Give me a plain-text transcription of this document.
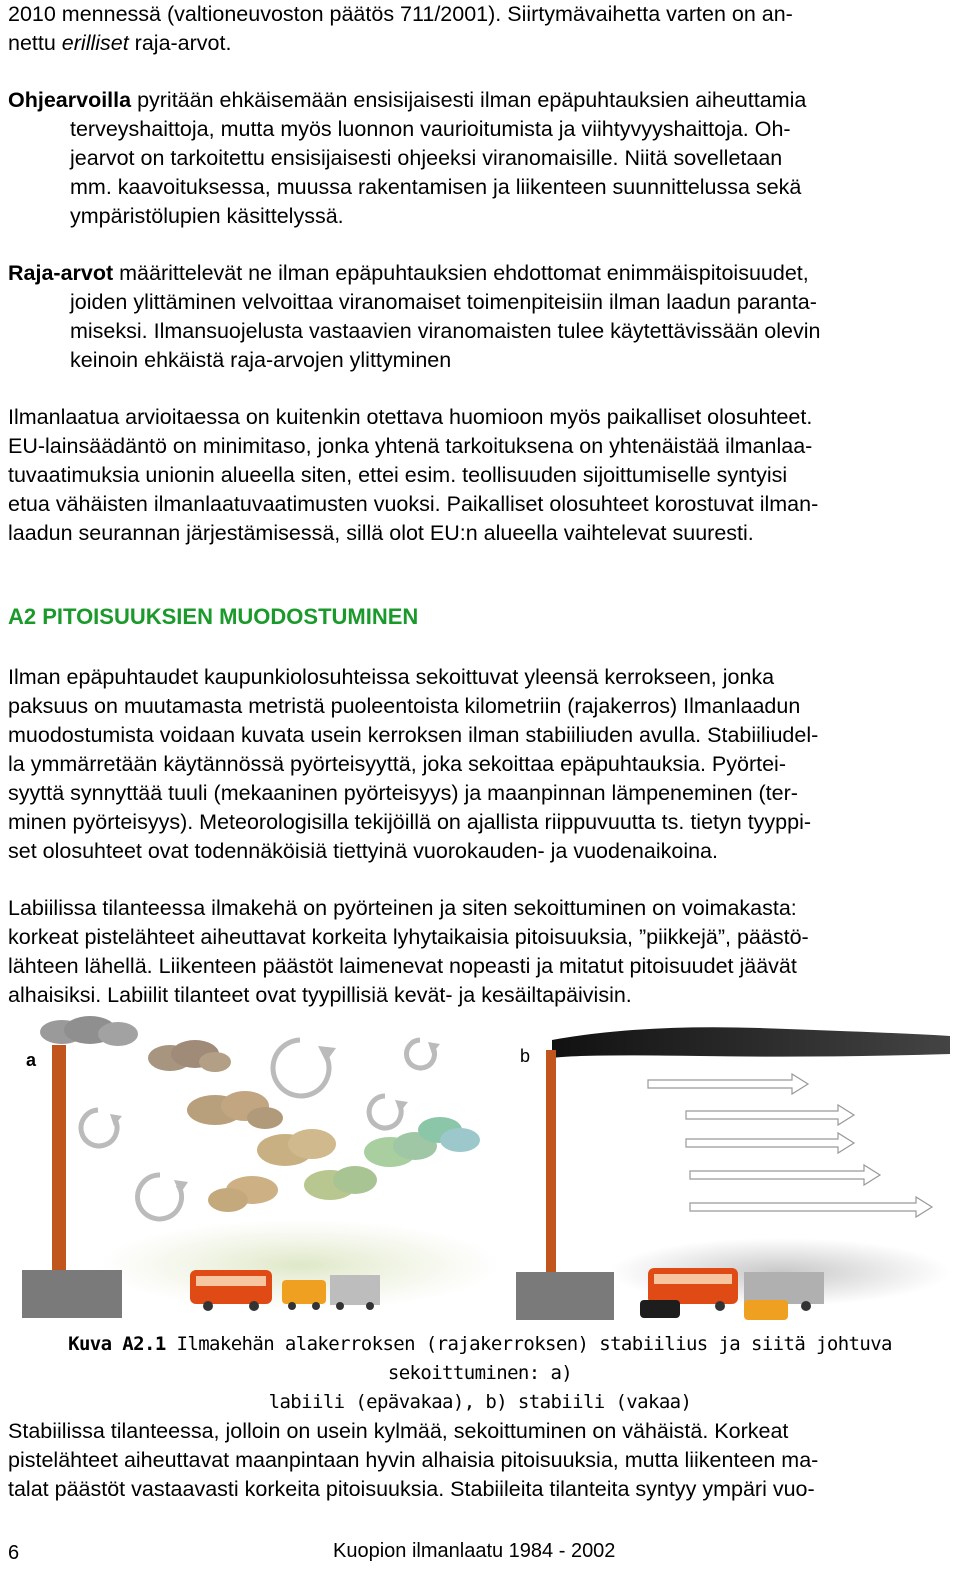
2010 mennessä (valtioneuvoston päätös 711/2001). Siirtymävaihetta varten on an-
nettu erilliset raja-arvot.
Ohjearvoilla pyritään ehkäisemään ensisijaisesti ilman epäpuhtauksien aiheuttamia
terveyshaittoja, mutta myös luonnon vaurioitumista ja viihtyvyyshaittoja. Oh-
jearvot on tarkoitettu ensisijaisesti ohjeeksi viranomaisille. Niitä sovelletaan
mm. kaavoituksessa, muussa rakentamisen ja liikenteen suunnittelussa sekä
ympäristölupien käsittelyssä.
Raja-arvot määrittelevät ne ilman epäpuhtauksien ehdottomat enimmäispitoisuudet,
joiden ylittäminen velvoittaa viranomaiset toimenpiteisiin ilman laadun paranta-
miseksi. Ilmansuojelusta vastaavien viranomaisten tulee käytettävissään olevin
keinoin ehkäistä raja-arvojen ylittyminen
Ilmanlaatua arvioitaessa on kuitenkin otettava huomioon myös paikalliset olosuhteet.
EU-lainsäädäntö on minimitaso, jonka yhtenä tarkoituksena on yhtenäistää ilmanlaa-
tuvaatimuksia unionin alueella siten, ettei esim. teollisuuden sijoittumiselle syntyisi
etua vähäisten ilmanlaatuvaatimusten vuoksi. Paikalliset olosuhteet korostuvat ilman-
laadun seurannan järjestämisessä, sillä olot EU:n alueella vaihtelevat suuresti.
A2 PITOISUUKSIEN MUODOSTUMINEN
Ilman epäpuhtaudet kaupunkiolosuhteissa sekoittuvat yleensä kerrokseen, jonka
paksuus on muutamasta metristä puoleentoista kilometriin (rajakerros) Ilmanlaadun
muodostumista voidaan kuvata usein kerroksen ilman stabiiliuden avulla. Stabiiliudel-
la ymmärretään käytännössä pyörteisyyttä, joka sekoittaa epäpuhtauksia. Pyörtei-
syyttä synnyttää tuuli (mekaaninen pyörteisyys) ja maanpinnan lämpeneminen (ter-
minen pyörteisyys). Meteorologisilla tekijöillä on ajallista riippuvuutta ts. tietyn tyyppi-
set olosuhteet ovat todennäköisiä tiettyinä vuorokauden- ja vuodenaikoina.
Labiilissa tilanteessa ilmakehä on pyörteinen ja siten sekoittuminen on voimakasta:
korkeat pistelähteet aiheuttavat korkeita lyhytaikaisia pitoisuuksia, ”piikkejä”, päästö-
lähteen lähellä. Liikenteen päästöt laimenevat nopeasti ja mitatut pitoisuudet jäävät
alhaisiksi. Labiilit tilanteet ovat tyypillisiä kevät- ja kesäiltapäivisin.
a	b
Kuva A2.1 Ilmakehän alakerroksen (rajakerroksen) stabiilius ja siitä johtuva sekoittuminen: a)
labiili (epävakaa), b) stabiili (vakaa)
Stabiilissa tilanteessa, jolloin on usein kylmää, sekoittuminen on vähäistä. Korkeat
pistelähteet aiheuttavat maanpintaan hyvin alhaisia pitoisuuksia, mutta liikenteen ma-
talat päästöt vastaavasti korkeita pitoisuuksia. Stabiileita tilanteita syntyy ympäri vuo-
6	Kuopion ilmanlaatu 1984 - 2002
